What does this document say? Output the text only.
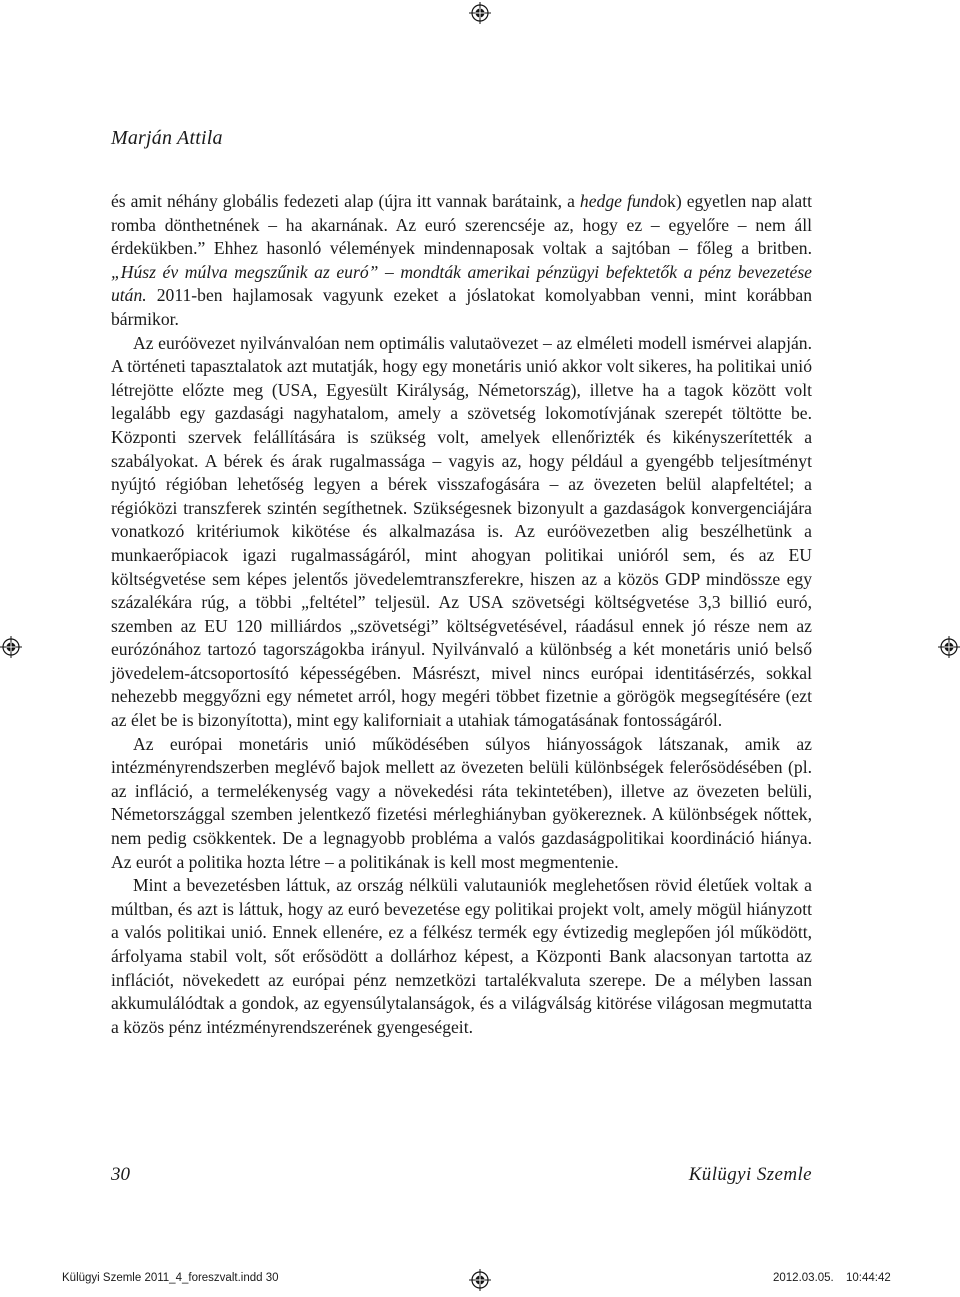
Marján Attila

és amit néhány globális fedezeti alap (újra itt vannak barátaink, a hedge fundok) egyetlen nap alatt romba dönthetnének – ha akarnának. Az euró szerencséje az, hogy ez – egyelőre – nem áll érdekükben.” Ehhez hasonló vélemények mindennaposak voltak a sajtóban – főleg a britben. „Húsz év múlva megszűnik az euró” – mondták amerikai pénzügyi befektetők a pénz bevezetése után. 2011-ben hajlamosak vagyunk ezeket a jóslatokat komolyabban venni, mint korábban bármikor.

Az euróövezet nyilvánvalóan nem optimális valutaövezet – az elméleti modell ismérvei alapján. A történeti tapasztalatok azt mutatják, hogy egy monetáris unió akkor volt sikeres, ha politikai unió létrejötte előzte meg (USA, Egyesült Királyság, Németország), illetve ha a tagok között volt legalább egy gazdasági nagyhatalom, amely a szövetség lokomotívjának szerepét töltötte be. Központi szervek felállítására is szükség volt, amelyek ellenőrizték és kikényszerítették a szabályokat. A bérek és árak rugalmassága – vagyis az, hogy például a gyengébb teljesítményt nyújtó régióban lehetőség legyen a bérek visszafogására – az övezeten belül alapfeltétel; a régióközi transzferek szintén segíthetnek. Szükségesnek bizonyult a gazdaságok konvergenciájára vonatkozó kritériumok kikötése és alkalmazása is. Az euróövezetben alig beszélhetünk a munkaerőpiacok igazi rugalmasságáról, mint ahogyan politikai unióról sem, és az EU költségvetése sem képes jelentős jövedelemtranszferekre, hiszen az a közös GDP mindössze egy százalékára rúg, a többi „feltétel” teljesül. Az USA szövetségi költségvetése 3,3 billió euró, szemben az EU 120 milliárdos „szövetségi” költségvetésével, ráadásul ennek jó része nem az eurózónához tartozó tagországokba irányul. Nyilvánvaló a különbség a két monetáris unió belső jövedelem-átcsoportosító képességében. Másrészt, mivel nincs európai identitásérzés, sokkal nehezebb meggyőzni egy németet arról, hogy megéri többet fizetnie a görögök megsegítésére (ezt az élet be is bizonyította), mint egy kaliforniait a utahiak támogatásának fontosságáról.

Az európai monetáris unió működésében súlyos hiányosságok látszanak, amik az intézményrendszerben meglévő bajok mellett az övezeten belüli különbségek felerősödésében (pl. az infláció, a termelékenység vagy a növekedési ráta tekintetében), illetve az övezeten belüli, Németországgal szemben jelentkező fizetési mérleghiányban gyökereznek. A különbségek nőttek, nem pedig csökkentek. De a legnagyobb probléma a valós gazdaságpolitikai koordináció hiánya. Az eurót a politika hozta létre – a politikának is kell most megmentenie.

Mint a bevezetésben láttuk, az ország nélküli valutauniók meglehetősen rövid életűek voltak a múltban, és azt is láttuk, hogy az euró bevezetése egy politikai projekt volt, amely mögül hiányzott a valós politikai unió. Ennek ellenére, ez a félkész termék egy évtizedig meglepően jól működött, árfolyama stabil volt, sőt erősödött a dollárhoz képest, a Központi Bank alacsonyan tartotta az inflációt, növekedett az európai pénz nemzetközi tartalékvaluta szerepe. De a mélyben lassan akkumulálódtak a gondok, az egyensúlytalanságok, és a világválság kitörése világosan megmutatta a közös pénz intézményrendszerének gyengeségeit.

30	Külügyi Szemle
Külügyi Szemle 2011_4_foreszvalt.indd 30	2012.03.05. 10:44:42
